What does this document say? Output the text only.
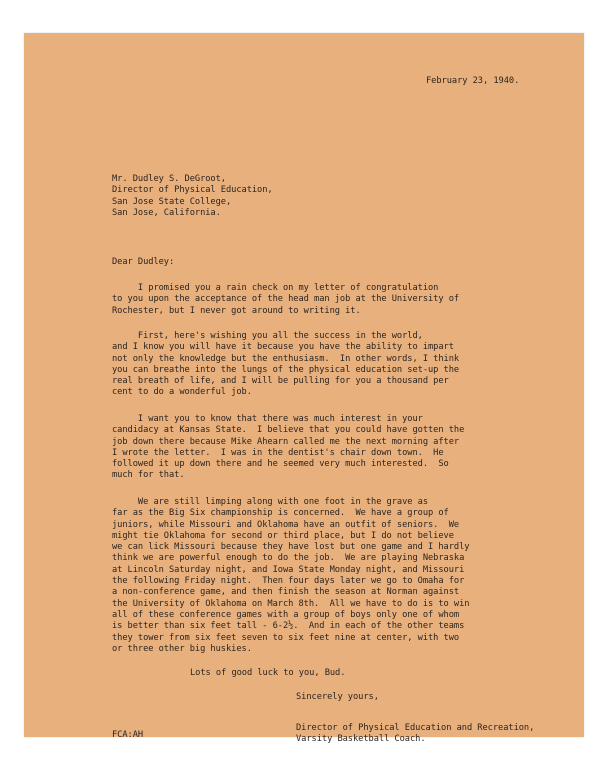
February 23, 1940.
Mr. Dudley S. DeGroot,
Director of Physical Education,
San Jose State College,
San Jose, California.
Dear Dudley:
I promised you a rain check on my letter of congratulation
to you upon the acceptance of the head man job at the University of
Rochester, but I never got around to writing it.
First, here's wishing you all the success in the world,
and I know you will have it because you have the ability to impart
not only the knowledge but the enthusiasm.  In other words, I think
you can breathe into the lungs of the physical education set-up the
real breath of life, and I will be pulling for you a thousand per
cent to do a wonderful job.
I want you to know that there was much interest in your
candidacy at Kansas State.  I believe that you could have gotten the
job down there because Mike Ahearn called me the next morning after
I wrote the letter.  I was in the dentist's chair down town.  He
followed it up down there and he seemed very much interested.  So
much for that.
We are still limping along with one foot in the grave as
far as the Big Six championship is concerned.  We have a group of
juniors, while Missouri and Oklahoma have an outfit of seniors.  We
might tie Oklahoma for second or third place, but I do not believe
we can lick Missouri because they have lost but one game and I hardly
think we are powerful enough to do the job.  We are playing Nebraska
at Lincoln Saturday night, and Iowa State Monday night, and Missouri
the following Friday night.  Then four days later we go to Omaha for
a non-conference game, and then finish the season at Norman against
the University of Oklahoma on March 8th.  All we have to do is to win
all of these conference games with a group of boys only one of whom
is better than six feet tall - 6-2½.  And in each of the other teams
they tower from six feet seven to six feet nine at center, with two
or three other big huskies.
Lots of good luck to you, Bud.
Sincerely yours,
Director of Physical Education and Recreation,
Varsity Basketball Coach.
FCA:AH
